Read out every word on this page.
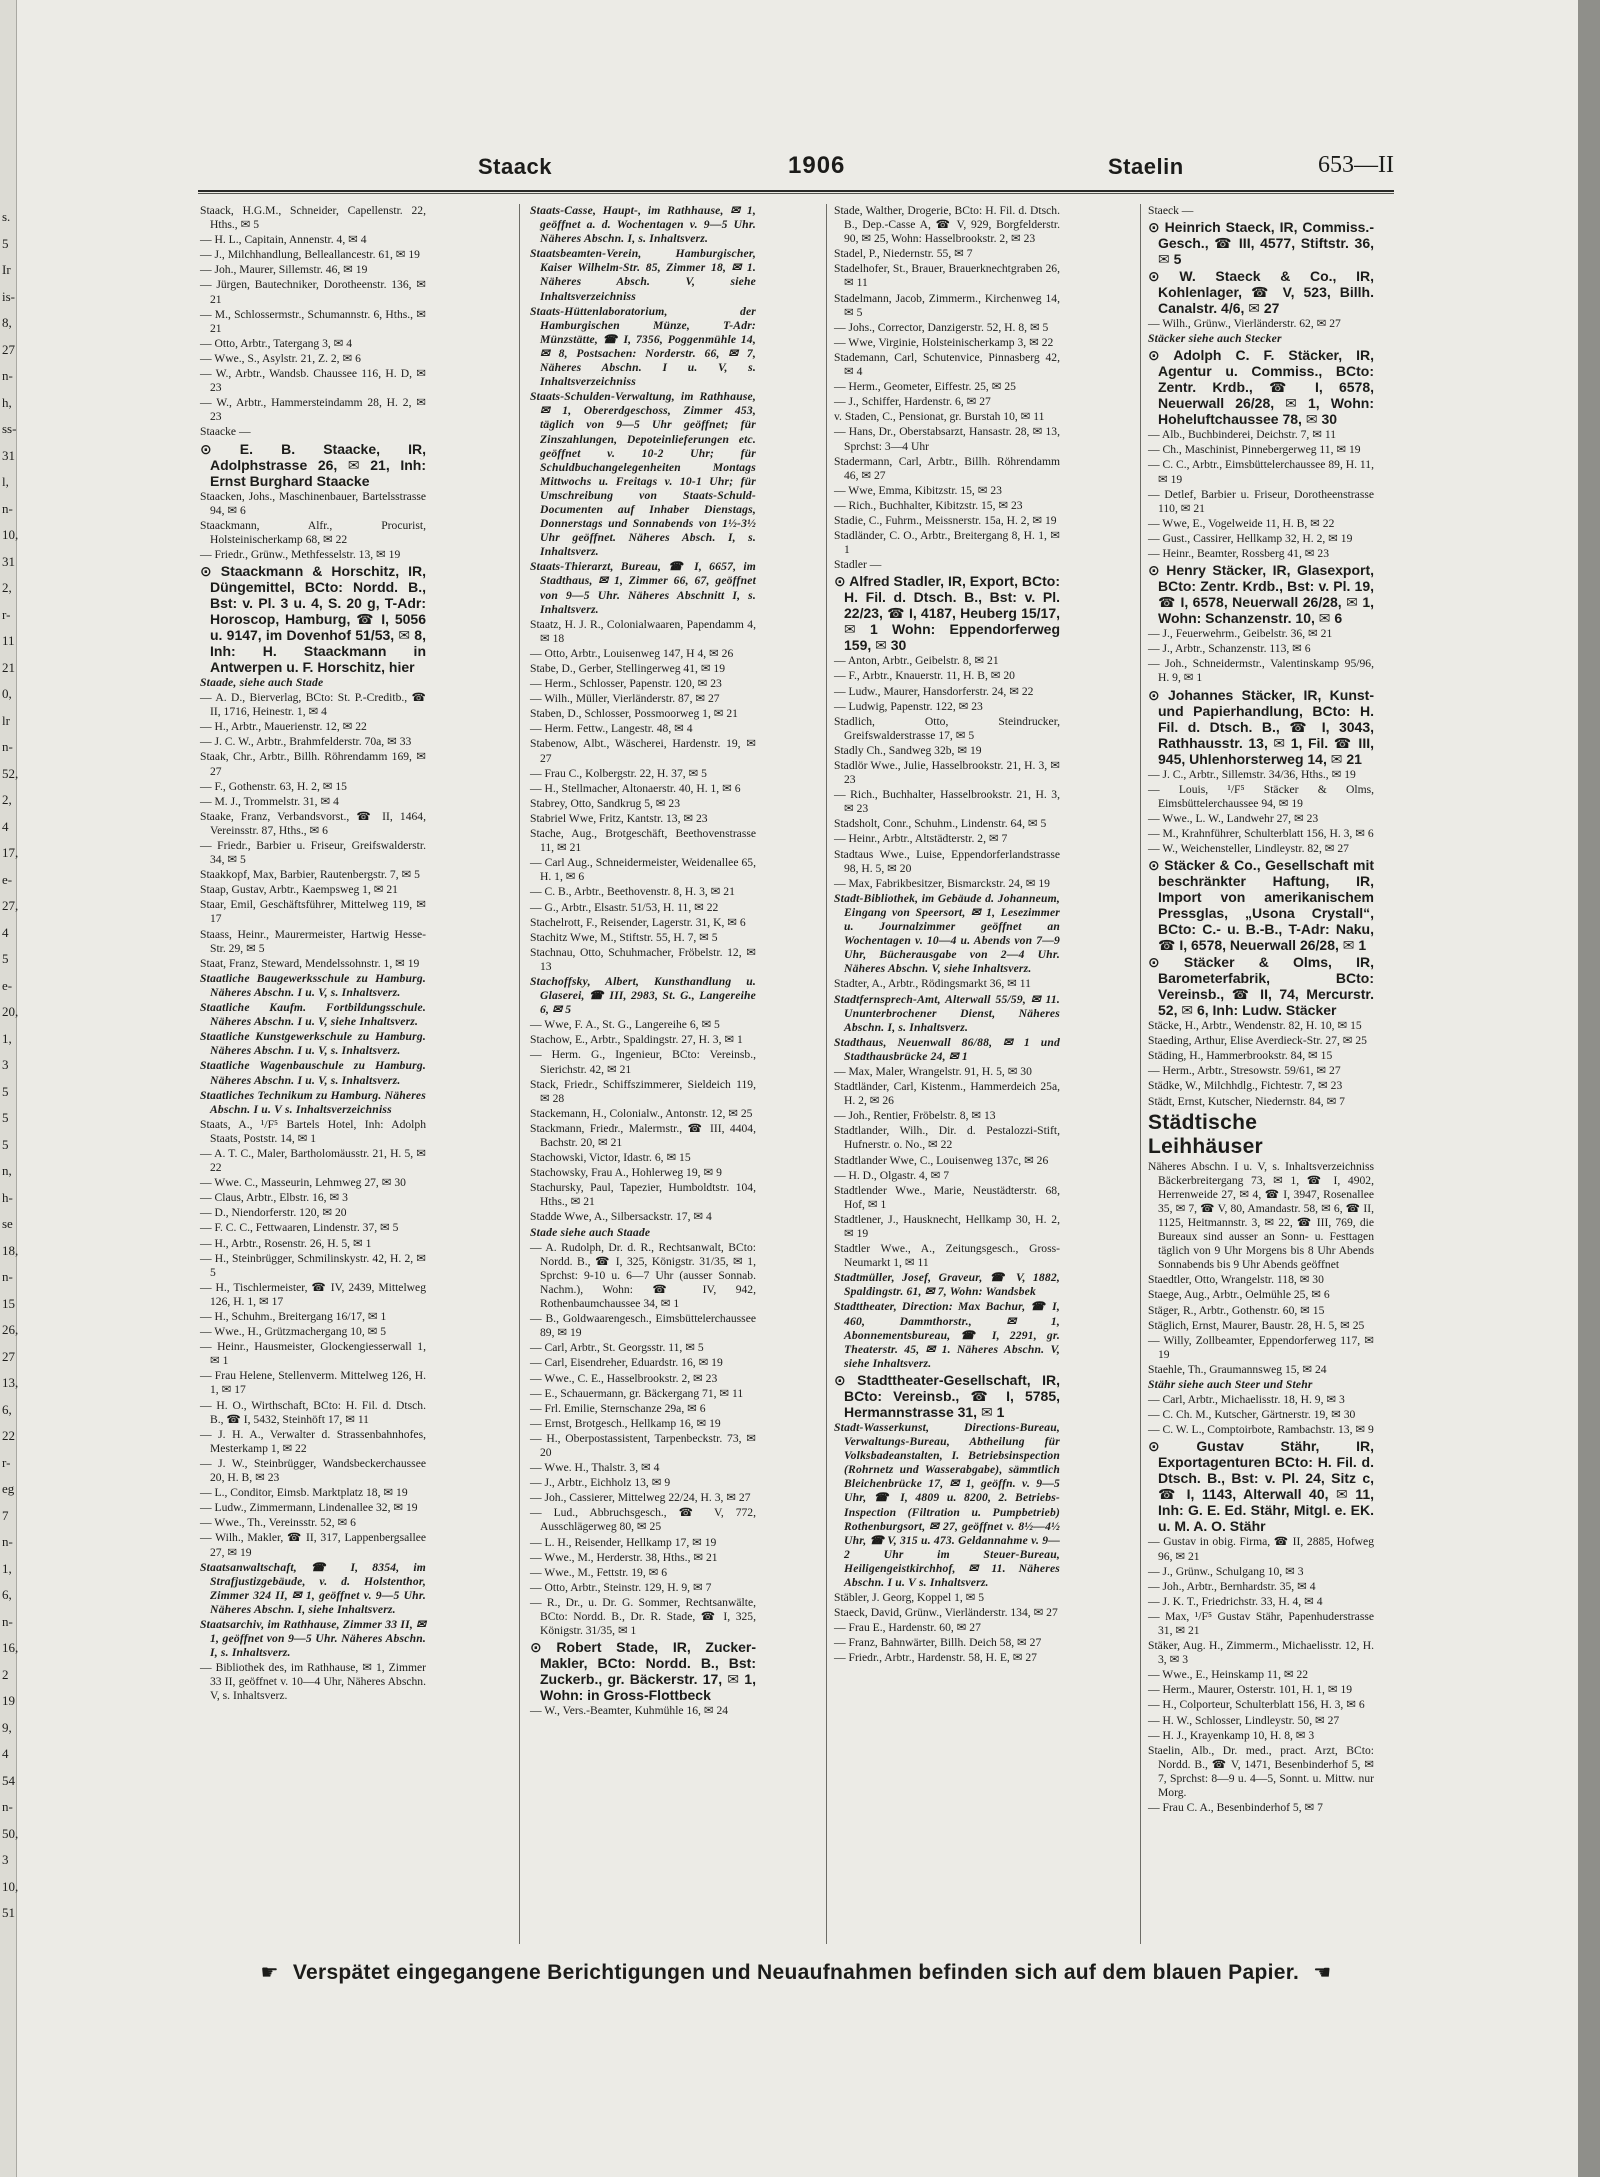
s.
5
Ir
is-
8,
27
n-
h,
ss-
31
l,
n-
10,
31
2,
r-
11
21
0,
lr
n-
52,
2,
4
17,
e-
27,
4
5
e-
20,
1,
3
5
5
5
n,
h-
se
18,
n-
15
26,
27
13,
6,
22
r-
eg
7
n-
1,
6,
n-
16,
2
19
9,
4
54
n-
50,
3
10,
51
Staack	1906	Staelin	653—II
Staack, H.G.M., Schneider, Capellenstr. 22, Hths., ✉ 5
— H. L., Capitain, Annenstr. 4, ✉ 4
— J., Milchhandlung, Belleallancestr. 61, ✉ 19
— Joh., Maurer, Sillemstr. 46, ✉ 19
— Jürgen, Bautechniker, Dorotheenstr. 136, ✉ 21
— M., Schlossermstr., Schumannstr. 6, Hths., ✉ 21
— Otto, Arbtr., Tatergang 3, ✉ 4
— Wwe., S., Asylstr. 21, Z. 2, ✉ 6
— W., Arbtr., Wandsb. Chaussee 116, H. D, ✉ 23
— W., Arbtr., Hammersteindamm 28, H. 2, ✉ 23
Staacke —
⊙ E. B. Staacke, IR, Adolphstrasse 26, ✉ 21, Inh: Ernst Burghard Staacke
Staacken, Johs., Maschinenbauer, Bartelsstrasse 94, ✉ 6
Staackmann, Alfr., Procurist, Holsteinischerkamp 68, ✉ 22
— Friedr., Grünw., Methfesselstr. 13, ✉ 19
⊙ Staackmann & Horschitz, IR, Düngemittel, BCto: Nordd. B., Bst: v. Pl. 3 u. 4, S. 20 g, T-Adr: Horoscop, Hamburg, ☎ I, 5056 u. 9147, im Dovenhof 51/53, ✉ 8, Inh: H. Staackmann in Antwerpen u. F. Horschitz, hier
Staade, siehe auch Stade
— A. D., Bierverlag, BCto: St. P.-Creditb., ☎ II, 1716, Heinestr. 1, ✉ 4
— H., Arbtr., Mauerienstr. 12, ✉ 22
— J. C. W., Arbtr., Brahmfelderstr. 70a, ✉ 33
Staak, Chr., Arbtr., Billh. Röhrendamm 169, ✉ 27
— F., Gothenstr. 63, H. 2, ✉ 15
— M. J., Trommelstr. 31, ✉ 4
Staake, Franz, Verbandsvorst., ☎ II, 1464, Vereinsstr. 87, Hths., ✉ 6
— Friedr., Barbier u. Friseur, Greifswalderstr. 34, ✉ 5
Staakkopf, Max, Barbier, Rautenbergstr. 7, ✉ 5
Staap, Gustav, Arbtr., Kaempsweg 1, ✉ 21
Staar, Emil, Geschäftsführer, Mittelweg 119, ✉ 17
Staass, Heinr., Maurermeister, Hartwig Hesse-Str. 29, ✉ 5
Staat, Franz, Steward, Mendelssohnstr. 1, ✉ 19
Staatliche Baugewerksschule zu Hamburg. Näheres Abschn. I u. V, s. Inhaltsverz.
Staatliche Kaufm. Fortbildungsschule. Näheres Abschn. I u. V, siehe Inhaltsverz.
Staatliche Kunstgewerkschule zu Hamburg. Näheres Abschn. I u. V, s. Inhaltsverz.
Staatliche Wagenbauschule zu Hamburg. Näheres Abschn. I u. V, s. Inhaltsverz.
Staatliches Technikum zu Hamburg. Näheres Abschn. I u. V s. Inhaltsverzeichniss
Staats, A., ¹/F⁵ Bartels Hotel, Inh: Adolph Staats, Poststr. 14, ✉ 1
— A. T. C., Maler, Bartholomäusstr. 21, H. 5, ✉ 22
— Wwe. C., Masseurin, Lehmweg 27, ✉ 30
— Claus, Arbtr., Elbstr. 16, ✉ 3
— D., Niendorferstr. 120, ✉ 20
— F. C. C., Fettwaaren, Lindenstr. 37, ✉ 5
— H., Arbtr., Rosenstr. 26, H. 5, ✉ 1
— H., Steinbrügger, Schmilinskystr. 42, H. 2, ✉ 5
— H., Tischlermeister, ☎ IV, 2439, Mittelweg 126, H. 1, ✉ 17
— H., Schuhm., Breitergang 16/17, ✉ 1
— Wwe., H., Grützmachergang 10, ✉ 5
— Heinr., Hausmeister, Glockengiesserwall 1, ✉ 1
— Frau Helene, Stellenverm. Mittelweg 126, H. 1, ✉ 17
— H. O., Wirthschaft, BCto: H. Fil. d. Dtsch. B., ☎ I, 5432, Steinhöft 17, ✉ 11
— J. H. A., Verwalter d. Strassenbahnhofes, Mesterkamp 1, ✉ 22
— J. W., Steinbrügger, Wandsbeckerchaussee 20, H. B, ✉ 23
— L., Conditor, Eimsb. Marktplatz 18, ✉ 19
— Ludw., Zimmermann, Lindenallee 32, ✉ 19
— Wwe., Th., Vereinsstr. 52, ✉ 6
— Wilh., Makler, ☎ II, 317, Lappenbergsallee 27, ✉ 19
Staatsanwaltschaft, ☎ I, 8354, im Strafjustizgebäude, v. d. Holstenthor, Zimmer 324 II, ✉ 1, geöffnet v. 9—5 Uhr. Näheres Abschn. I, siehe Inhaltsverz.
Staatsarchiv, im Rathhause, Zimmer 33 II, ✉ 1, geöffnet von 9—5 Uhr. Näheres Abschn. I, s. Inhaltsverz.
— Bibliothek des, im Rathhause, ✉ 1, Zimmer 33 II, geöffnet v. 10—4 Uhr, Näheres Abschn. V, s. Inhaltsverz.
Staats-Casse, Haupt-, im Rathhause, ✉ 1, geöffnet a. d. Wochentagen v. 9—5 Uhr. Näheres Abschn. I, s. Inhaltsverz.
Staatsbeamten-Verein, Hamburgischer, Kaiser Wilhelm-Str. 85, Zimmer 18, ✉ 1. Näheres Absch. V, siehe Inhaltsverzeichniss
Staats-Hüttenlaboratorium, der Hamburgischen Münze, T-Adr: Münzstätte, ☎ I, 7356, Poggenmühle 14, ✉ 8, Postsachen: Norderstr. 66, ✉ 7, Näheres Abschn. I u. V, s. Inhaltsverzeichniss
Staats-Schulden-Verwaltung, im Rathhause, ✉ 1, Obererdgeschoss, Zimmer 453, täglich von 9—5 Uhr geöffnet; für Zinszahlungen, Depoteinlieferungen etc. geöffnet v. 10-2 Uhr; für Schuldbuchangelegenheiten Montags Mittwochs u. Freitags v. 10-1 Uhr; für Umschreibung von Staats-Schuld-Documenten auf Inhaber Dienstags, Donnerstags und Sonnabends von 1½-3½ Uhr geöffnet. Näheres Absch. I, s. Inhaltsverz.
Staats-Thierarzt, Bureau, ☎ I, 6657, im Stadthaus, ✉ 1, Zimmer 66, 67, geöffnet von 9—5 Uhr. Näheres Abschnitt I, s. Inhaltsverz.
Staatz, H. J. R., Colonialwaaren, Papendamm 4, ✉ 18
— Otto, Arbtr., Louisenweg 147, H 4, ✉ 26
Stabe, D., Gerber, Stellingerweg 41, ✉ 19
— Herm., Schlosser, Papenstr. 120, ✉ 23
— Wilh., Müller, Vierländerstr. 87, ✉ 27
Staben, D., Schlosser, Possmoorweg 1, ✉ 21
— Herm. Fettw., Langestr. 48, ✉ 4
Stabenow, Albt., Wäscherei, Hardenstr. 19, ✉ 27
— Frau C., Kolbergstr. 22, H. 37, ✉ 5
— H., Stellmacher, Altonaerstr. 40, H. 1, ✉ 6
Stabrey, Otto, Sandkrug 5, ✉ 23
Stabriel Wwe, Fritz, Kantstr. 13, ✉ 23
Stache, Aug., Brotgeschäft, Beethovenstrasse 11, ✉ 21
— Carl Aug., Schneidermeister, Weidenallee 65, H. 1, ✉ 6
— C. B., Arbtr., Beethovenstr. 8, H. 3, ✉ 21
— G., Arbtr., Elsastr. 51/53, H. 11, ✉ 22
Stachelrott, F., Reisender, Lagerstr. 31, K, ✉ 6
Stachitz Wwe, M., Stiftstr. 55, H. 7, ✉ 5
Stachnau, Otto, Schuhmacher, Fröbelstr. 12, ✉ 13
Stachoffsky, Albert, Kunsthandlung u. Glaserei, ☎ III, 2983, St. G., Langereihe 6, ✉ 5
— Wwe, F. A., St. G., Langereihe 6, ✉ 5
Stachow, E., Arbtr., Spaldingstr. 27, H. 3, ✉ 1
— Herm. G., Ingenieur, BCto: Vereinsb., Sierichstr. 42, ✉ 21
Stack, Friedr., Schiffszimmerer, Sieldeich 119, ✉ 28
Stackemann, H., Colonialw., Antonstr. 12, ✉ 25
Stackmann, Friedr., Malermstr., ☎ III, 4404, Bachstr. 20, ✉ 21
Stachowski, Victor, Idastr. 6, ✉ 15
Stachowsky, Frau A., Hohlerweg 19, ✉ 9
Stachursky, Paul, Tapezier, Humboldtstr. 104, Hths., ✉ 21
Stadde Wwe, A., Silbersackstr. 17, ✉ 4
Stade siehe auch Staade
— A. Rudolph, Dr. d. R., Rechtsanwalt, BCto: Nordd. B., ☎ I, 325, Königstr. 31/35, ✉ 1, Sprchst: 9-10 u. 6—7 Uhr (ausser Sonnab. Nachm.), Wohn: ☎ IV, 942, Rothenbaumchaussee 34, ✉ 1
— B., Goldwaarengesch., Eimsbüttelerchaussee 89, ✉ 19
— Carl, Arbtr., St. Georgsstr. 11, ✉ 5
— Carl, Eisendreher, Eduardstr. 16, ✉ 19
— Wwe., C. E., Hasselbrookstr. 2, ✉ 23
— E., Schauermann, gr. Bäckergang 71, ✉ 11
— Frl. Emilie, Sternschanze 29a, ✉ 6
— Ernst, Brotgesch., Hellkamp 16, ✉ 19
— H., Oberpostassistent, Tarpenbeckstr. 73, ✉ 20
— Wwe. H., Thalstr. 3, ✉ 4
— J., Arbtr., Eichholz 13, ✉ 9
— Joh., Cassierer, Mittelweg 22/24, H. 3, ✉ 27
— Lud., Abbruchsgesch., ☎ V, 772, Ausschlägerweg 80, ✉ 25
— L. H., Reisender, Hellkamp 17, ✉ 19
— Wwe., M., Herderstr. 38, Hths., ✉ 21
— Wwe., M., Fettstr. 19, ✉ 6
— Otto, Arbtr., Steinstr. 129, H. 9, ✉ 7
— R., Dr., u. Dr. G. Sommer, Rechtsanwälte, BCto: Nordd. B., Dr. R. Stade, ☎ I, 325, Königstr. 31/35, ✉ 1
⊙ Robert Stade, IR, Zucker-Makler, BCto: Nordd. B., Bst: Zuckerb., gr. Bäckerstr. 17, ✉ 1, Wohn: in Gross-Flottbeck
— W., Vers.-Beamter, Kuhmühle 16, ✉ 24
Stade, Walther, Drogerie, BCto: H. Fil. d. Dtsch. B., Dep.-Casse A, ☎ V, 929, Borgfelderstr. 90, ✉ 25, Wohn: Hasselbrookstr. 2, ✉ 23
Stadel, P., Niedernstr. 55, ✉ 7
Stadelhofer, St., Brauer, Brauerknechtgraben 26, ✉ 11
Stadelmann, Jacob, Zimmerm., Kirchenweg 14, ✉ 5
— Johs., Corrector, Danzigerstr. 52, H. 8, ✉ 5
— Wwe, Virginie, Holsteinischerkamp 3, ✉ 22
Stademann, Carl, Schutenvice, Pinnasberg 42, ✉ 4
— Herm., Geometer, Eiffestr. 25, ✉ 25
— J., Schiffer, Hardenstr. 6, ✉ 27
v. Staden, C., Pensionat, gr. Burstah 10, ✉ 11
— Hans, Dr., Oberstabsarzt, Hansastr. 28, ✉ 13, Sprchst: 3—4 Uhr
Stadermann, Carl, Arbtr., Billh. Röhrendamm 46, ✉ 27
— Wwe, Emma, Kibitzstr. 15, ✉ 23
— Rich., Buchhalter, Kibitzstr. 15, ✉ 23
Stadie, C., Fuhrm., Meissnerstr. 15a, H. 2, ✉ 19
Stadländer, C. O., Arbtr., Breitergang 8, H. 1, ✉ 1
Stadler —
⊙ Alfred Stadler, IR, Export, BCto: H. Fil. d. Dtsch. B., Bst: v. Pl. 22/23, ☎ I, 4187, Heuberg 15/17, ✉ 1 Wohn: Eppendorferweg 159, ✉ 30
— Anton, Arbtr., Geibelstr. 8, ✉ 21
— F., Arbtr., Knauerstr. 11, H. B, ✉ 20
— Ludw., Maurer, Hansdorferstr. 24, ✉ 22
— Ludwig, Papenstr. 122, ✉ 23
Stadlich, Otto, Steindrucker, Greifswalderstrasse 17, ✉ 5
Stadly Ch., Sandweg 32b, ✉ 19
Stadlör Wwe., Julie, Hasselbrookstr. 21, H. 3, ✉ 23
— Rich., Buchhalter, Hasselbrookstr. 21, H. 3, ✉ 23
Stadsholt, Conr., Schuhm., Lindenstr. 64, ✉ 5
— Heinr., Arbtr., Altstädterstr. 2, ✉ 7
Stadtaus Wwe., Luise, Eppendorferlandstrasse 98, H. 5, ✉ 20
— Max, Fabrikbesitzer, Bismarckstr. 24, ✉ 19
Stadt-Bibliothek, im Gebäude d. Johanneum, Eingang von Speersort, ✉ 1, Lesezimmer u. Journalzimmer geöffnet an Wochentagen v. 10—4 u. Abends von 7—9 Uhr, Bücherausgabe von 2—4 Uhr. Näheres Abschn. V, siehe Inhaltsverz.
Stadter, A., Arbtr., Rödingsmarkt 36, ✉ 11
Stadtfernsprech-Amt, Alterwall 55/59, ✉ 11. Ununterbrochener Dienst, Näheres Abschn. I, s. Inhaltsverz.
Stadthaus, Neuenwall 86/88, ✉ 1 und Stadthausbrücke 24, ✉ 1
— Max, Maler, Wrangelstr. 91, H. 5, ✉ 30
Stadtländer, Carl, Kistenm., Hammerdeich 25a, H. 2, ✉ 26
— Joh., Rentier, Fröbelstr. 8, ✉ 13
Stadtlander, Wilh., Dir. d. Pestalozzi-Stift, Hufnerstr. o. No., ✉ 22
Stadtlander Wwe, C., Louisenweg 137c, ✉ 26
— H. D., Olgastr. 4, ✉ 7
Stadtlender Wwe., Marie, Neustädterstr. 68, Hof, ✉ 1
Stadtlener, J., Hausknecht, Hellkamp 30, H. 2, ✉ 19
Stadtler Wwe., A., Zeitungsgesch., Gross-Neumarkt 1, ✉ 11
Stadtmüller, Josef, Graveur, ☎ V, 1882, Spaldingstr. 61, ✉ 7, Wohn: Wandsbek
Stadttheater, Direction: Max Bachur, ☎ I, 460, Dammthorstr., ✉ 1, Abonnementsbureau, ☎ I, 2291, gr. Theaterstr. 45, ✉ 1. Näheres Abschn. V, siehe Inhaltsverz.
⊙ Stadttheater-Gesellschaft, IR, BCto: Vereinsb., ☎ I, 5785, Hermannstrasse 31, ✉ 1
Stadt-Wasserkunst, Directions-Bureau, Verwaltungs-Bureau, Abtheilung für Volksbadeanstalten, I. Betriebsinspection (Rohrnetz und Wasserabgabe), sämmtlich Bleichenbrücke 17, ✉ 1, geöffn. v. 9—5 Uhr, ☎ I, 4809 u. 8200, 2. Betriebs-Inspection (Filtration u. Pumpbetrieb) Rothenburgsort, ✉ 27, geöffnet v. 8½—4½ Uhr, ☎ V, 315 u. 473. Geldannahme v. 9—2 Uhr im Steuer-Bureau, Heiligengeistkirchhof, ✉ 11. Näheres Abschn. I u. V s. Inhaltsverz.
Stäbler, J. Georg, Koppel 1, ✉ 5
Staeck, David, Grünw., Vierländerstr. 134, ✉ 27
— Frau E., Hardenstr. 60, ✉ 27
— Franz, Bahnwärter, Billh. Deich 58, ✉ 27
— Friedr., Arbtr., Hardenstr. 58, H. E, ✉ 27
Staeck —
⊙ Heinrich Staeck, IR, Commiss.-Gesch., ☎ III, 4577, Stiftstr. 36, ✉ 5
⊙ W. Staeck & Co., IR, Kohlenlager, ☎ V, 523, Billh. Canalstr. 4/6, ✉ 27
— Wilh., Grünw., Vierländerstr. 62, ✉ 27
Stäcker siehe auch Stecker
⊙ Adolph C. F. Stäcker, IR, Agentur u. Commiss., BCto: Zentr. Krdb., ☎ I, 6578, Neuerwall 26/28, ✉ 1, Wohn: Hoheluftchaussee 78, ✉ 30
— Alb., Buchbinderei, Deichstr. 7, ✉ 11
— Ch., Maschinist, Pinnebergerweg 11, ✉ 19
— C. C., Arbtr., Eimsbüttelerchaussee 89, H. 11, ✉ 19
— Detlef, Barbier u. Friseur, Dorotheenstrasse 110, ✉ 21
— Wwe, E., Vogelweide 11, H. B, ✉ 22
— Gust., Cassirer, Hellkamp 32, H. 2, ✉ 19
— Heinr., Beamter, Rossberg 41, ✉ 23
⊙ Henry Stäcker, IR, Glasexport, BCto: Zentr. Krdb., Bst: v. Pl. 19, ☎ I, 6578, Neuerwall 26/28, ✉ 1, Wohn: Schanzenstr. 10, ✉ 6
— J., Feuerwehrm., Geibelstr. 36, ✉ 21
— J., Arbtr., Schanzenstr. 113, ✉ 6
— Joh., Schneidermstr., Valentinskamp 95/96, H. 9, ✉ 1
⊙ Johannes Stäcker, IR, Kunst- und Papierhandlung, BCto: H. Fil. d. Dtsch. B., ☎ I, 3043, Rathhausstr. 13, ✉ 1, Fil. ☎ III, 945, Uhlenhorsterweg 14, ✉ 21
— J. C., Arbtr., Sillemstr. 34/36, Hths., ✉ 19
— Louis, ¹/F⁵ Stäcker & Olms, Eimsbüttelerchaussee 94, ✉ 19
— Wwe., L. W., Landwehr 27, ✉ 23
— M., Krahnführer, Schulterblatt 156, H. 3, ✉ 6
— W., Weichensteller, Lindleystr. 82, ✉ 27
⊙ Stäcker & Co., Gesellschaft mit beschränkter Haftung, IR, Import von amerikanischem Pressglas, „Usona Crystall“, BCto: C.- u. B.-B., T-Adr: Naku, ☎ I, 6578, Neuerwall 26/28, ✉ 1
⊙ Stäcker & Olms, IR, Barometerfabrik, BCto: Vereinsb., ☎ II, 74, Mercurstr. 52, ✉ 6, Inh: Ludw. Stäcker
Stäcke, H., Arbtr., Wendenstr. 82, H. 10, ✉ 15
Staeding, Arthur, Elise Averdieck-Str. 27, ✉ 25
Städing, H., Hammerbrookstr. 84, ✉ 15
— Herm., Arbtr., Stresowstr. 59/61, ✉ 27
Städke, W., Milchhdlg., Fichtestr. 7, ✉ 23
Städt, Ernst, Kutscher, Niedernstr. 84, ✉ 7
Städtische Leihhäuser
Näheres Abschn. I u. V, s. Inhaltsverzeichniss Bäckerbreitergang 73, ✉ 1, ☎ I, 4902, Herrenweide 27, ✉ 4, ☎ I, 3947, Rosenallee 35, ✉ 7, ☎ V, 80, Amandastr. 58, ✉ 6, ☎ II, 1125, Heitmannstr. 3, ✉ 22, ☎ III, 769, die Bureaux sind ausser an Sonn- u. Festtagen täglich von 9 Uhr Morgens bis 8 Uhr Abends Sonnabends bis 9 Uhr Abends geöffnet
Staedtler, Otto, Wrangelstr. 118, ✉ 30
Staege, Aug., Arbtr., Oelmühle 25, ✉ 6
Stäger, R., Arbtr., Gothenstr. 60, ✉ 15
Stäglich, Ernst, Maurer, Baustr. 28, H. 5, ✉ 25
— Willy, Zollbeamter, Eppendorferweg 117, ✉ 19
Staehle, Th., Graumannsweg 15, ✉ 24
Stähr siehe auch Steer und Stehr
— Carl, Arbtr., Michaelisstr. 18, H. 9, ✉ 3
— C. Ch. M., Kutscher, Gärtnerstr. 19, ✉ 30
— C. W. L., Comptoirbote, Rambachstr. 13, ✉ 9
⊙ Gustav Stähr, IR, Exportagenturen BCto: H. Fil. d. Dtsch. B., Bst: v. Pl. 24, Sitz c, ☎ I, 1143, Alterwall 40, ✉ 11, Inh: G. E. Ed. Stähr, Mitgl. e. EK. u. M. A. O. Stähr
— Gustav in obig. Firma, ☎ II, 2885, Hofweg 96, ✉ 21
— J., Grünw., Schulgang 10, ✉ 3
— Joh., Arbtr., Bernhardstr. 35, ✉ 4
— J. K. T., Friedrichstr. 33, H. 4, ✉ 4
— Max, ¹/F⁵ Gustav Stähr, Papenhuderstrasse 31, ✉ 21
Stäker, Aug. H., Zimmerm., Michaelisstr. 12, H. 3, ✉ 3
— Wwe., E., Heinskamp 11, ✉ 22
— Herm., Maurer, Osterstr. 101, H. 1, ✉ 19
— H., Colporteur, Schulterblatt 156, H. 3, ✉ 6
— H. W., Schlosser, Lindleystr. 50, ✉ 27
— H. J., Krayenkamp 10, H. 8, ✉ 3
Staelin, Alb., Dr. med., pract. Arzt, BCto: Nordd. B., ☎ V, 1471, Besenbinderhof 5, ✉ 7, Sprchst: 8—9 u. 4—5, Sonnt. u. Mittw. nur Morg.
— Frau C. A., Besenbinderhof 5, ✉ 7
☛ Verspätet eingegangene Berichtigungen und Neuaufnahmen befinden sich auf dem blauen Papier. ☚
